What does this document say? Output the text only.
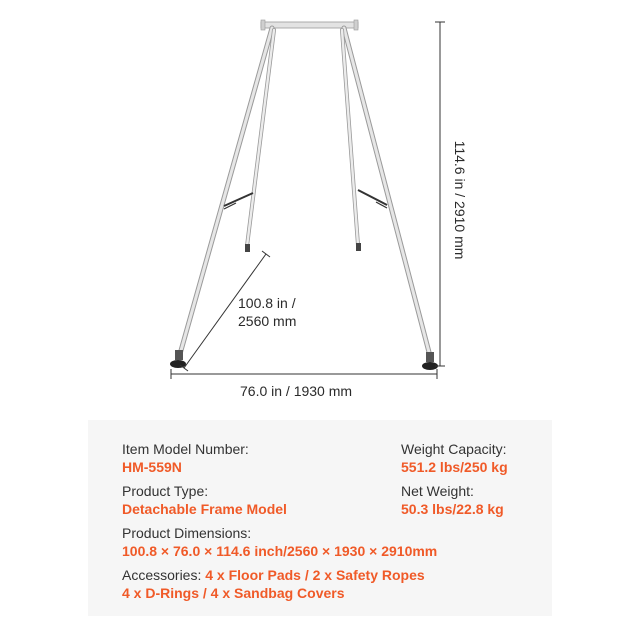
114.6 in / 2910 mm
100.8 in /
2560 mm
76.0 in / 1930 mm
Item Model Number:
HM-559N
Weight Capacity:
551.2 lbs/250 kg
Product Type:
Detachable Frame Model
Net Weight:
50.3 lbs/22.8 kg
Product Dimensions:
100.8 × 76.0 × 114.6 inch/2560 × 1930 × 2910mm
Accessories: 4 x Floor Pads / 2 x Safety Ropes
4 x D-Rings / 4 x Sandbag Covers
